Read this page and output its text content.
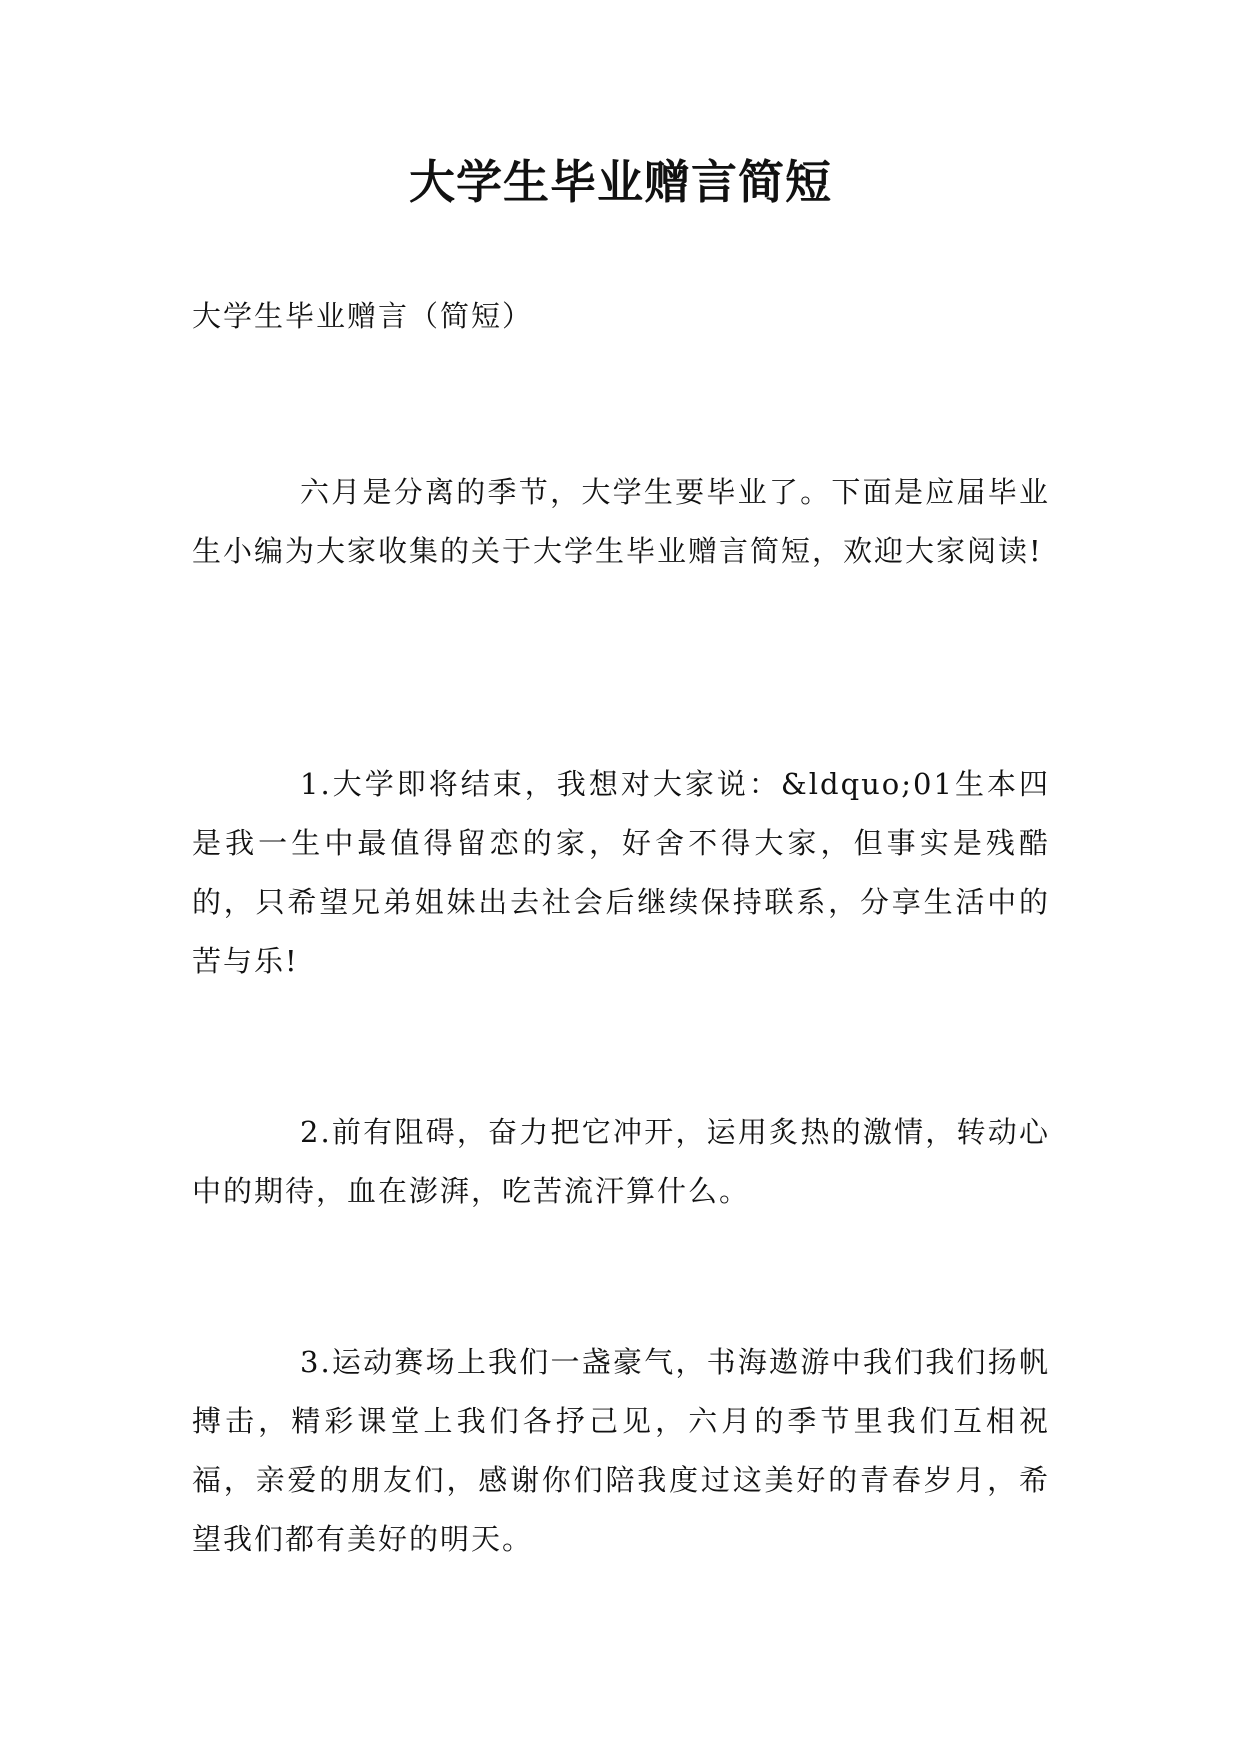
大学生毕业赠言简短

大学生毕业赠言（简短）

六月是分离的季节，大学生要毕业了。下面是应届毕业生小编为大家收集的关于大学生毕业赠言简短，欢迎大家阅读!

1.大学即将结束，我想对大家说：&ldquo;01生本四是我一生中最值得留恋的家，好舍不得大家，但事实是残酷的，只希望兄弟姐妹出去社会后继续保持联系，分享生活中的苦与乐!

2.前有阻碍，奋力把它冲开，运用炙热的激情，转动心中的期待，血在澎湃，吃苦流汗算什么。

3.运动赛场上我们一盏豪气，书海遨游中我们我们扬帆搏击，精彩课堂上我们各抒己见，六月的季节里我们互相祝福，亲爱的朋友们，感谢你们陪我度过这美好的青春岁月，希望我们都有美好的明天。
